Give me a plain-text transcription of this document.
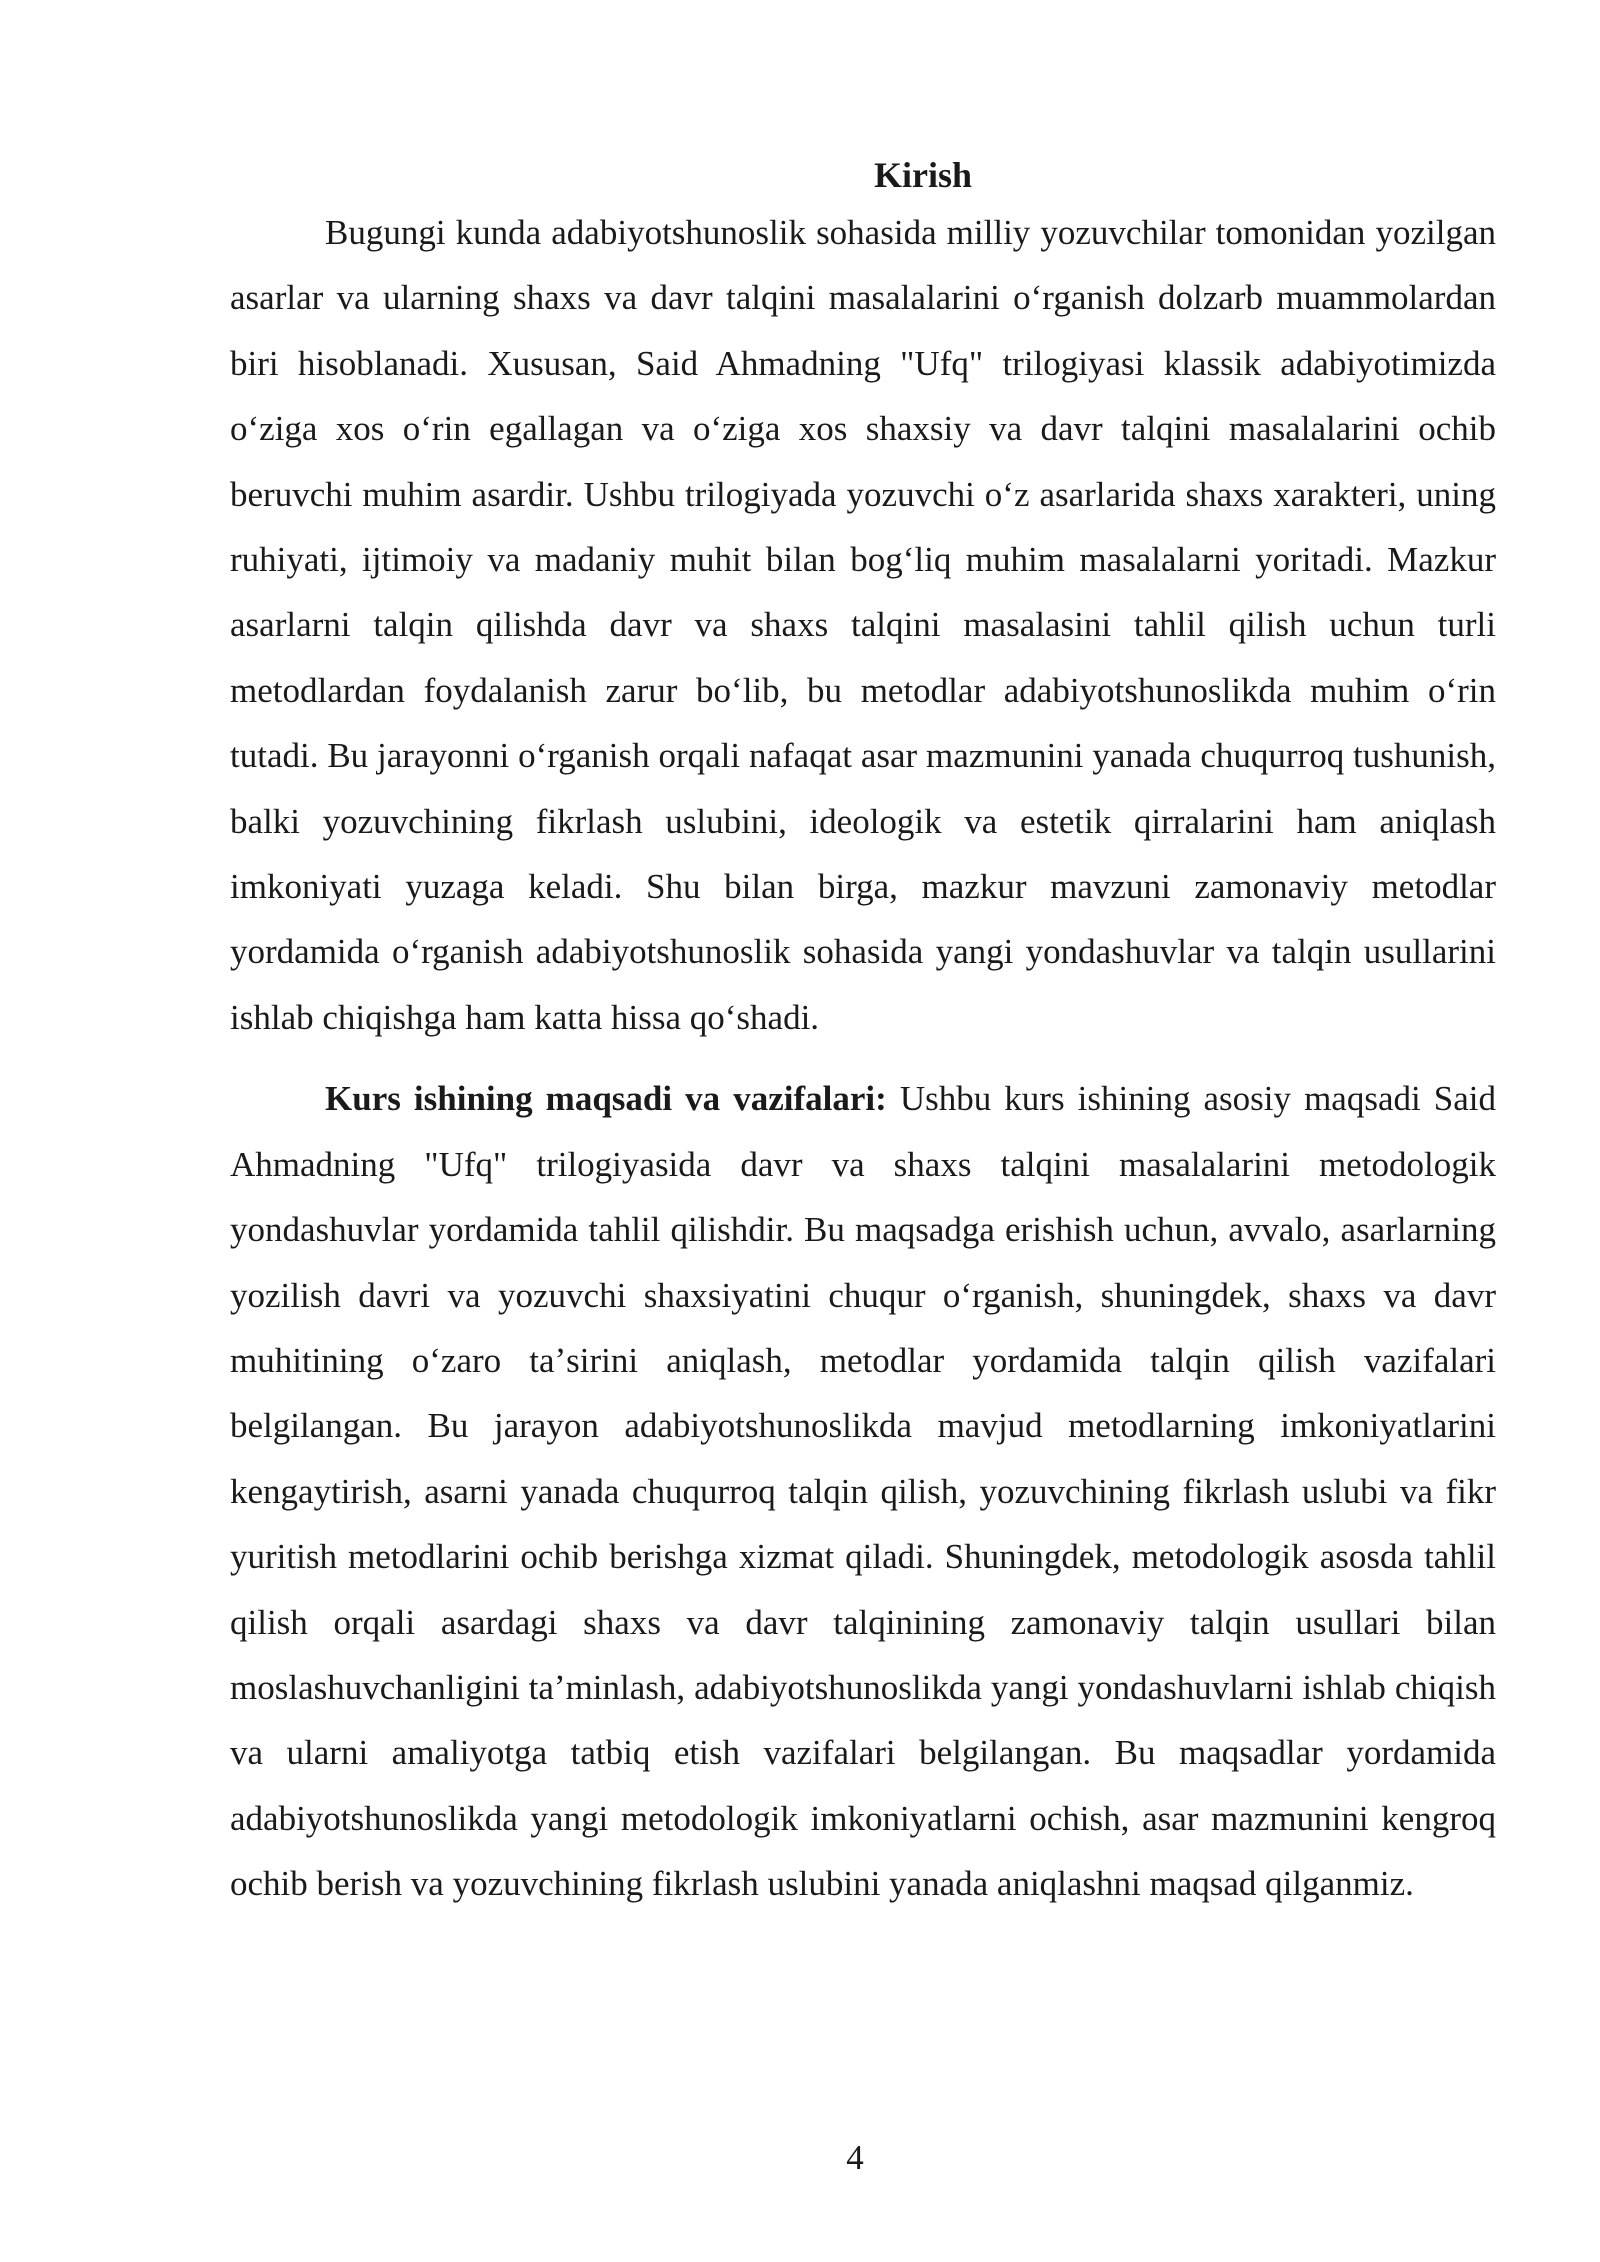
Kirish

Bugungi kunda adabiyotshunoslik sohasida milliy yozuvchilar tomonidan yozilgan asarlar va ularning shaxs va davr talqini masalalarini oʻrganish dolzarb muammolardan biri hisoblanadi. Xususan, Said Ahmadning "Ufq" trilogiyasi klassik adabiyotimizda oʻziga xos oʻrin egallagan va oʻziga xos shaxsiy va davr talqini masalalarini ochib beruvchi muhim asardir. Ushbu trilogiyada yozuvchi oʻz asarlarida shaxs xarakteri, uning ruhiyati, ijtimoiy va madaniy muhit bilan bogʻliq muhim masalalarni yoritadi. Mazkur asarlarni talqin qilishda davr va shaxs talqini masalasini tahlil qilish uchun turli metodlardan foydalanish zarur boʻlib, bu metodlar adabiyotshunoslikda muhim oʻrin tutadi. Bu jarayonni oʻrganish orqali nafaqat asar mazmunini yanada chuqurroq tushunish, balki yozuvchining fikrlash uslubini, ideologik va estetik qirralarini ham aniqlash imkoniyati yuzaga keladi. Shu bilan birga, mazkur mavzuni zamonaviy metodlar yordamida oʻrganish adabiyotshunoslik sohasida yangi yondashuvlar va talqin usullarini ishlab chiqishga ham katta hissa qoʻshadi.

Kurs ishining maqsadi va vazifalari: Ushbu kurs ishining asosiy maqsadi Said Ahmadning "Ufq" trilogiyasida davr va shaxs talqini masalalarini metodologik yondashuvlar yordamida tahlil qilishdir. Bu maqsadga erishish uchun, avvalo, asarlarning yozilish davri va yozuvchi shaxsiyatini chuqur oʻrganish, shuningdek, shaxs va davr muhitining oʻzaro taʼsirini aniqlash, metodlar yordamida talqin qilish vazifalari belgilangan. Bu jarayon adabiyotshunoslikda mavjud metodlarning imkoniyatlarini kengaytirish, asarni yanada chuqurroq talqin qilish, yozuvchining fikrlash uslubi va fikr yuritish metodlarini ochib berishga xizmat qiladi. Shuningdek, metodologik asosda tahlil qilish orqali asardagi shaxs va davr talqinining zamonaviy talqin usullari bilan moslashuvchanligini taʼminlash, adabiyotshunoslikda yangi yondashuvlarni ishlab chiqish va ularni amaliyotga tatbiq etish vazifalari belgilangan. Bu maqsadlar yordamida adabiyotshunoslikda yangi metodologik imkoniyatlarni ochish, asar mazmunini kengroq ochib berish va yozuvchining fikrlash uslubini yanada aniqlashni maqsad qilganmiz.

4
